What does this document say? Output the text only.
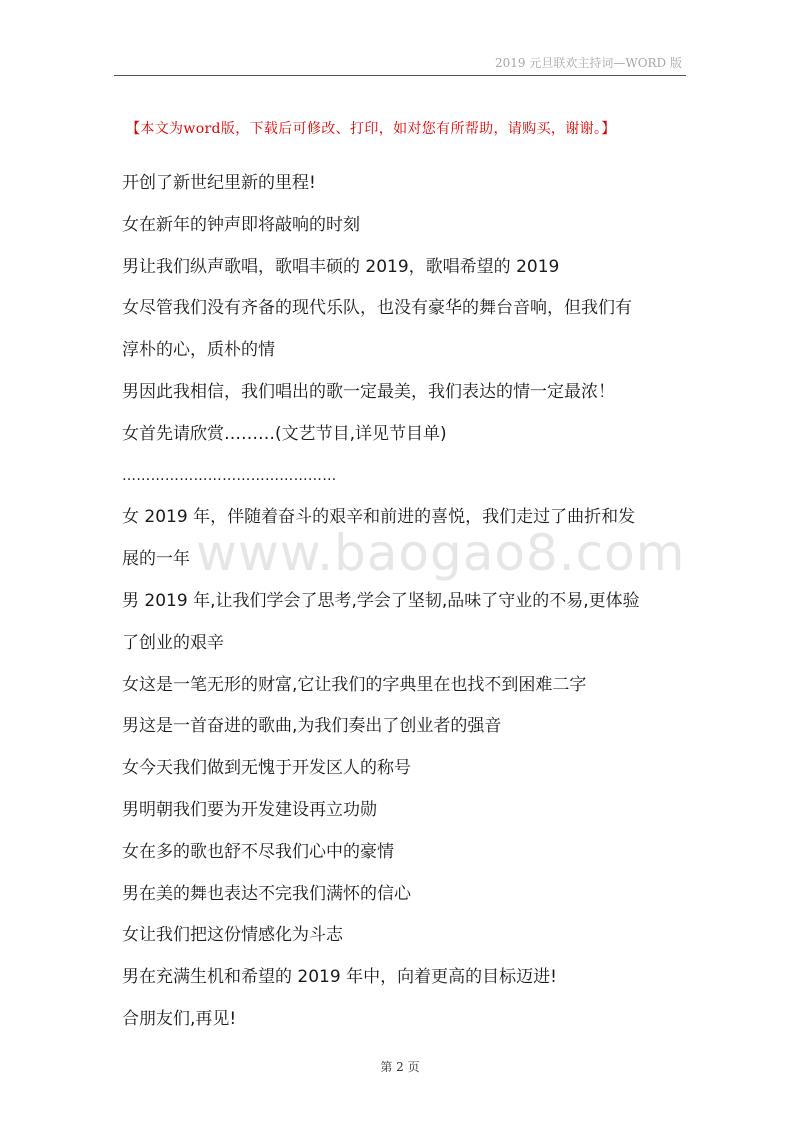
2019 元旦联欢主持词—WORD 版
【本文为word版，下载后可修改、打印，如对您有所帮助，请购买，谢谢。】
开创了新世纪里新的里程!
女在新年的钟声即将敲响的时刻
男让我们纵声歌唱，歌唱丰硕的 2019，歌唱希望的 2019
女尽管我们没有齐备的现代乐队，也没有豪华的舞台音响，但我们有
淳朴的心，质朴的情
男因此我相信，我们唱出的歌一定最美，我们表达的情一定最浓！
女首先请欣赏………(文艺节目,详见节目单)
………………………………………
女 2019 年，伴随着奋斗的艰辛和前进的喜悦，我们走过了曲折和发
展的一年
男 2019 年,让我们学会了思考,学会了坚韧,品味了守业的不易,更体验
了创业的艰辛
女这是一笔无形的财富,它让我们的字典里在也找不到困难二字
男这是一首奋进的歌曲,为我们奏出了创业者的强音
女今天我们做到无愧于开发区人的称号
男明朝我们要为开发建设再立功勋
女在多的歌也舒不尽我们心中的豪情
男在美的舞也表达不完我们满怀的信心
女让我们把这份情感化为斗志
男在充满生机和希望的 2019 年中，向着更高的目标迈进!
合朋友们,再见!
www.baogao8.com
第 2 页
